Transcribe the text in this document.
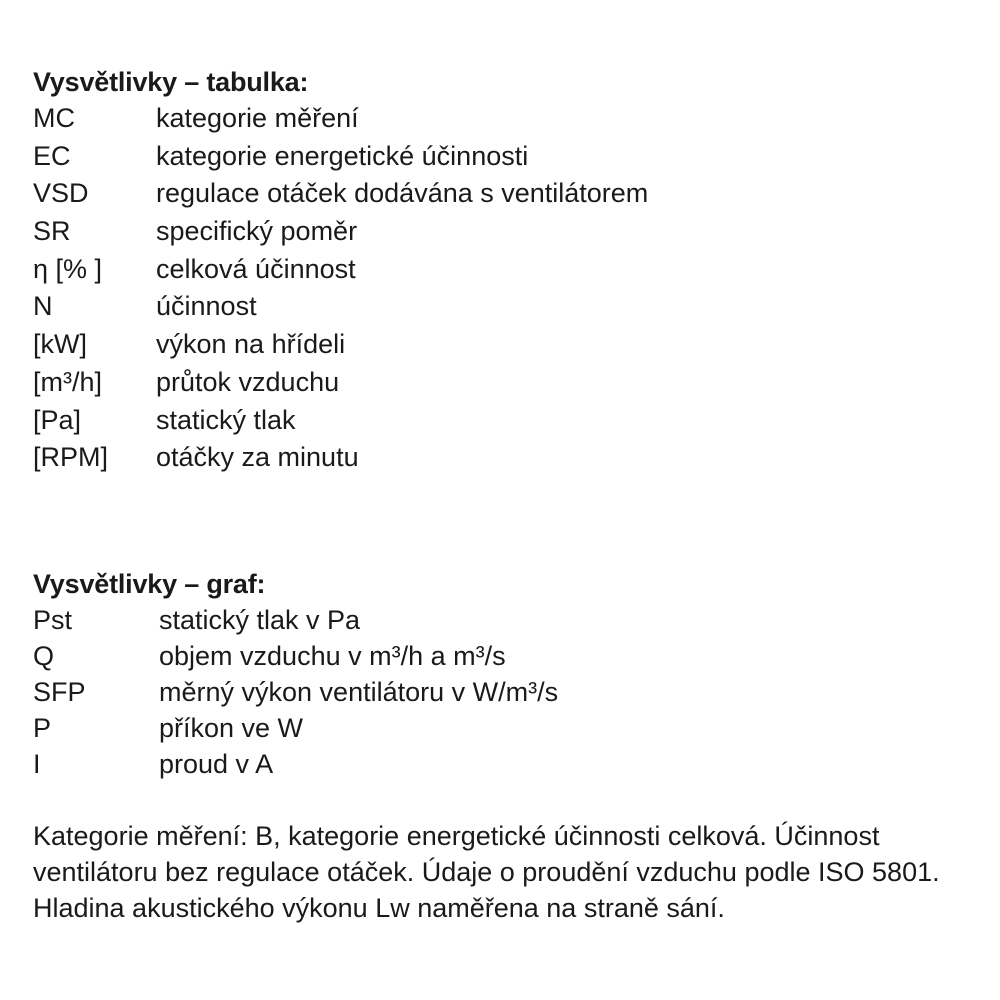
Vysvětlivky – tabulka:
MC	kategorie měření
EC	kategorie energetické účinnosti
VSD	regulace otáček dodávána s ventilátorem
SR	specifický poměr
η [% ]	celková účinnost
N	účinnost
[kW]	výkon na hřídeli
[m³/h]	průtok vzduchu
[Pa]	statický tlak
[RPM]	otáčky za minutu
Vysvětlivky – graf:
Pst	statický tlak v Pa
Q	objem vzduchu v m³/h a m³/s
SFP	měrný výkon ventilátoru v W/m³/s
P	příkon ve W
I	proud v A

Kategorie měření: B, kategorie energetické účinnosti celková. Účinnost ventilátoru bez regulace otáček. Údaje o proudění vzduchu podle ISO 5801. Hladina akustického výkonu Lw naměřena na straně sání.
